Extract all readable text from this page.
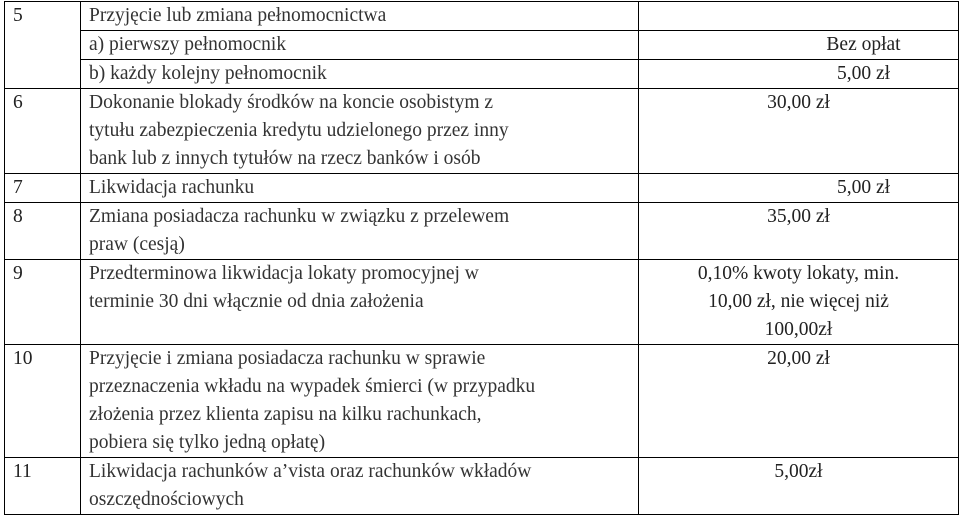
5	Przyjęcie lub zmiana pełnomocnictwa	

	a) pierwszy pełnomocnik	Bez opłat

	b) każdy kolejny pełnomocnik	5,00 zł

6	Dokonanie blokady środków na koncie osobistym z
tytułu zabezpieczenia kredytu udzielonego przez inny
bank lub z innych tytułów na rzecz banków i osób	30,00 zł

7	Likwidacja rachunku	5,00 zł

8	Zmiana posiadacza rachunku w związku z przelewem
praw (cesją)	35,00 zł

9	Przedterminowa likwidacja lokaty promocyjnej w
terminie 30 dni włącznie od dnia założenia	0,10% kwoty lokaty, min.
10,00 zł, nie więcej niż
100,00zł

10	Przyjęcie i zmiana posiadacza rachunku w sprawie
przeznaczenia wkładu na wypadek śmierci (w przypadku
złożenia przez klienta zapisu na kilku rachunkach,
pobiera się tylko jedną opłatę)	20,00 zł

11	Likwidacja rachunków a’vista oraz rachunków wkładów
oszczędnościowych	5,00zł
